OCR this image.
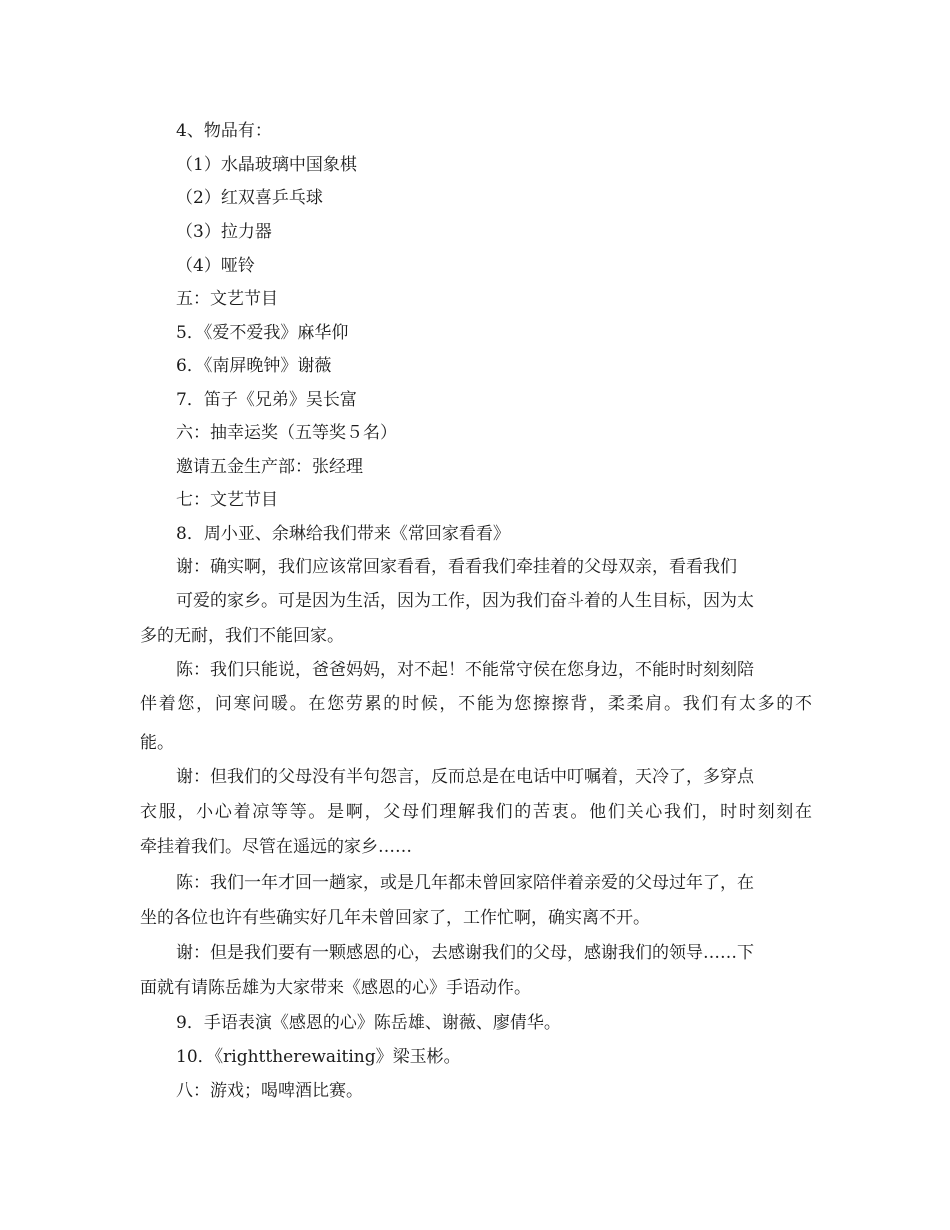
4、物品有：
（1）水晶玻璃中国象棋
（2）红双喜乒乓球
（3）拉力器
（4）哑铃
五：文艺节目
5．《爱不爱我》麻华仰
6．《南屏晚钟》谢薇
7．笛子《兄弟》吴长富
六：抽幸运奖（五等奖５名）
邀请五金生产部：张经理
七：文艺节目
8．周小亚、余琳给我们带来《常回家看看》
谢：确实啊，我们应该常回家看看，看看我们牵挂着的父母双亲，看看我们
可爱的家乡。可是因为生活，因为工作，因为我们奋斗着的人生目标，因为太
多的无耐，我们不能回家。
陈：我们只能说，爸爸妈妈，对不起！不能常守侯在您身边，不能时时刻刻陪
伴着您，问寒问暖。在您劳累的时候，不能为您擦擦背，柔柔肩。我们有太多的不
能。
谢：但我们的父母没有半句怨言，反而总是在电话中叮嘱着，天冷了，多穿点
衣服，小心着凉等等。是啊，父母们理解我们的苦衷。他们关心我们，时时刻刻在
牵挂着我们。尽管在遥远的家乡……
陈：我们一年才回一趟家，或是几年都未曾回家陪伴着亲爱的父母过年了，在
坐的各位也许有些确实好几年未曾回家了，工作忙啊，确实离不开。
谢：但是我们要有一颗感恩的心，去感谢我们的父母，感谢我们的领导……下
面就有请陈岳雄为大家带来《感恩的心》手语动作。
9．手语表演《感恩的心》陈岳雄、谢薇、廖倩华。
10．《righttherewaiting》梁玉彬。
八：游戏；喝啤酒比赛。
